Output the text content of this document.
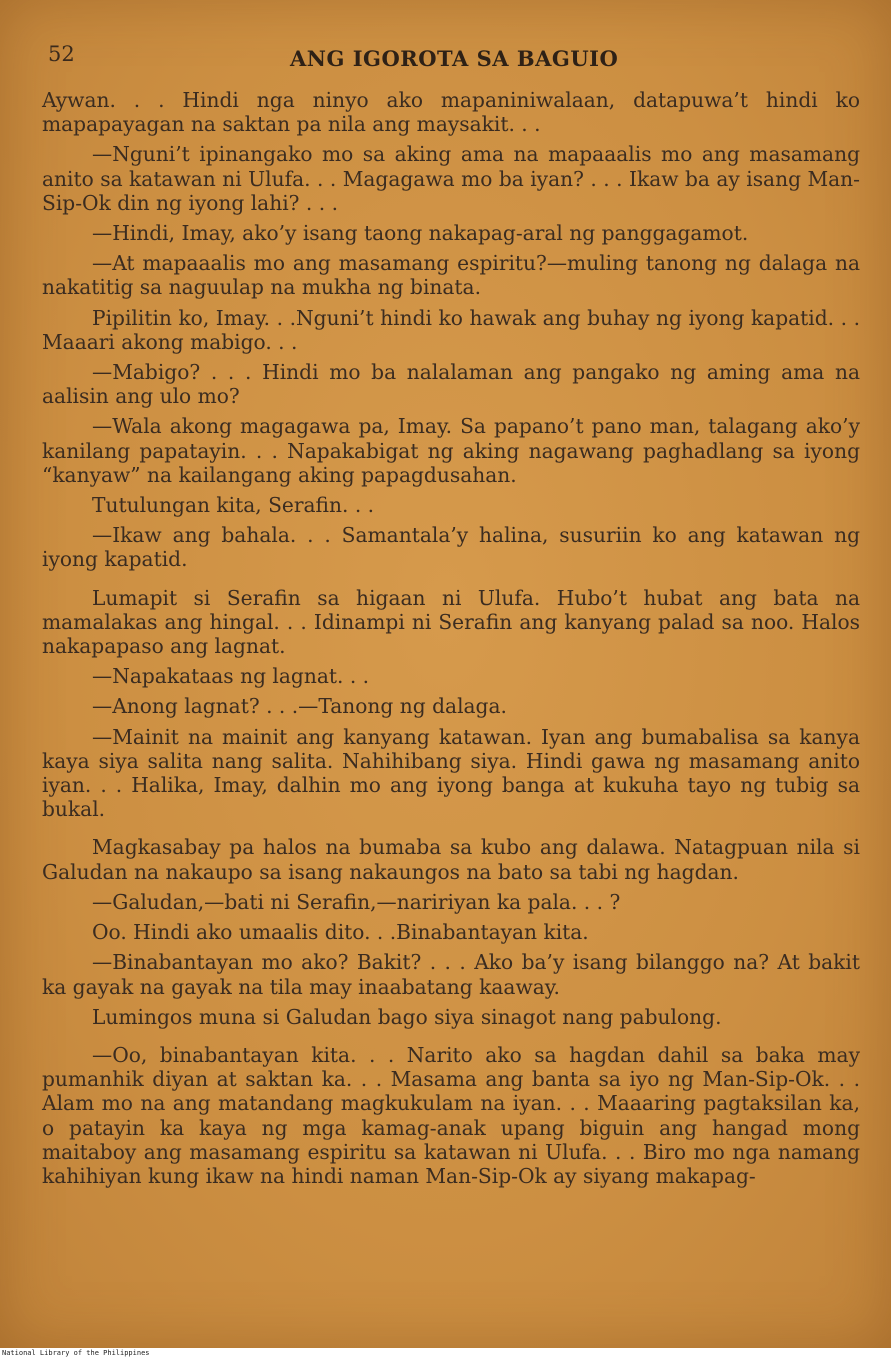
52	ANG IGOROTA SA BAGUIO

Aywan. . . Hindi nga ninyo ako mapaniniwalaan, datapuwa’t hindi ko mapapayagan na saktan pa nila ang maysakit. . .

—Nguni’t ipinangako mo sa aking ama na mapaaalis mo ang masamang anito sa katawan ni Ulufa. . . Magagawa mo ba iyan? . . . Ikaw ba ay isang Man-Sip-Ok din ng iyong lahi? . . .

—Hindi, Imay, ako’y isang taong nakapag-aral ng panggagamot.

—At mapaaalis mo ang masamang espiritu?—muling tanong ng dalaga na nakatitig sa naguulap na mukha ng binata.

Pipilitin ko, Imay. . .Nguni’t hindi ko hawak ang buhay ng iyong kapatid. . . Maaari akong mabigo. . .

—Mabigo? . . . Hindi mo ba nalalaman ang pangako ng aming ama na aalisin ang ulo mo?

—Wala akong magagawa pa, Imay. Sa papano’t pano man, talagang ako’y kanilang papatayin. . . Napakabigat ng aking nagawang paghadlang sa iyong “kanyaw” na kailangang aking papagdusahan.

Tutulungan kita, Serafin. . .

—Ikaw ang bahala. . . Samantala’y halina, susuriin ko ang katawan ng iyong kapatid.

Lumapit si Serafin sa higaan ni Ulufa. Hubo’t hubat ang bata na mamalakas ang hingal. . . Idinampi ni Serafin ang kanyang palad sa noo. Halos nakapapaso ang lagnat.

—Napakataas ng lagnat. . .

—Anong lagnat? . . .—Tanong ng dalaga.

—Mainit na mainit ang kanyang katawan. Iyan ang bumabalisa sa kanya kaya siya salita nang salita. Nahihibang siya. Hindi gawa ng masamang anito iyan. . . Halika, Imay, dalhin mo ang iyong banga at kukuha tayo ng tubig sa bukal.

Magkasabay pa halos na bumaba sa kubo ang dalawa. Natagpuan nila si Galudan na nakaupo sa isang nakaungos na bato sa tabi ng hagdan.

—Galudan,—bati ni Serafin,—naririyan ka pala. . . ?

Oo. Hindi ako umaalis dito. . .Binabantayan kita.

—Binabantayan mo ako? Bakit? . . . Ako ba’y isang bilanggo na? At bakit ka gayak na gayak na tila may inaabatang kaaway.

Lumingos muna si Galudan bago siya sinagot nang pabulong.

—Oo, binabantayan kita. . . Narito ako sa hagdan dahil sa baka may pumanhik diyan at saktan ka. . . Masama ang banta sa iyo ng Man-Sip-Ok. . . Alam mo na ang matandang magkukulam na iyan. . . Maaaring pagtaksilan ka, o patayin ka kaya ng mga kamag-anak upang biguin ang hangad mong maitaboy ang masamang espiritu sa katawan ni Ulufa. . . Biro mo nga namang kahihiyan kung ikaw na hindi naman Man-Sip-Ok ay siyang makapag-

National Library of the Philippines
